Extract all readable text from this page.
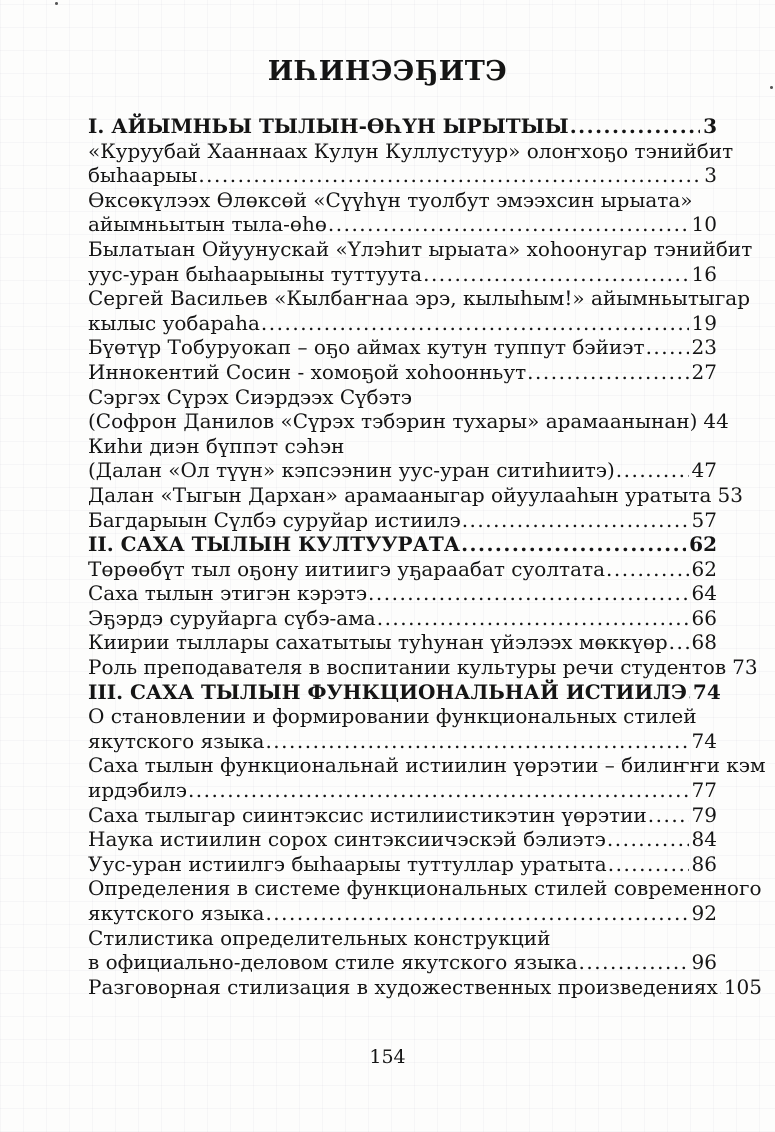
ИҺИНЭЭҔИТЭ
I. АЙЫМНЬЫ ТЫЛЫН-ӨҺҮН ЫРЫТЫЫ .....	3
«Куруубай Хааннаах Кулун Куллустуур» олоҥхоҕо тэнийбит
быһаарыы .....	3
Өксөкүлээх Өлөксөй «Сүүһүн туолбут эмээхсин ырыата»
айымньытын тыла-өһө .....	10
Былатыан Ойуунускай «Үлэһит ырыата» хоһоонугар тэнийбит
уус-уран быһаарыыны туттуута .....	16
Сергей Васильев «Кылбаҥнаа эрэ, кылыһым!» айымньытыгар
кылыс уобараһа .....	19
Бүөтүр Тобуруокап – оҕо аймах кутун туппут бэйиэт ..... 23
Иннокентий Сосин - хомоҕой хоһоонньут .....	27
Сэргэх Сүрэх Сиэрдээх Сүбэтэ
(Софрон Данилов «Сүрэх тэбэрин тухары» арамаанынан) ..... 44
Киһи диэн бүппэт сэһэн
(Далан «Ол түүн» кэпсээнин уус-уран ситиһиитэ) .....	47
Далан «Тыгын Дархан» арамааныгар ойуулааһын уратыта ..... 53
Багдарыын Сүлбэ суруйар истиилэ .....	57
II. САХА ТЫЛЫН КУЛТУУРАТА .....	62
Төрөөбүт тыл оҕону иитиигэ уҕараабат суолтата .....	62
Саха тылын этигэн кэрэтэ .....	64
Эҕэрдэ суруйарга сүбэ-ама .....	66
Киирии тыллары сахатытыы туһунан үйэлээх мөккүөр ..... 68
Роль преподавателя в воспитании культуры речи студентов ..... 73
III. САХА ТЫЛЫН ФУНКЦИОНАЛЬНАЙ ИСТИИЛЭ ..... 74
О становлении и формировании функциональных стилей
якутского языка .....	74
Саха тылын функциональнай истиилин үөрэтии – билиҥҥи кэм
ирдэбилэ .....	77
Саха тылыгар сиинтэксис истилиистикэтин үөрэтии ..... 79
Наука истиилин сорох синтэксиичэскэй бэлиэтэ .....	84
Уус-уран истиилгэ быһаарыы туттуллар уратыта .....	86
Определения в системе функциональных стилей современного
якутского языка .....	92
Стилистика определительных конструкций
в официально-деловом стиле якутского языка .....	96
Разговорная стилизация в художественных произведениях ..... 105
154
